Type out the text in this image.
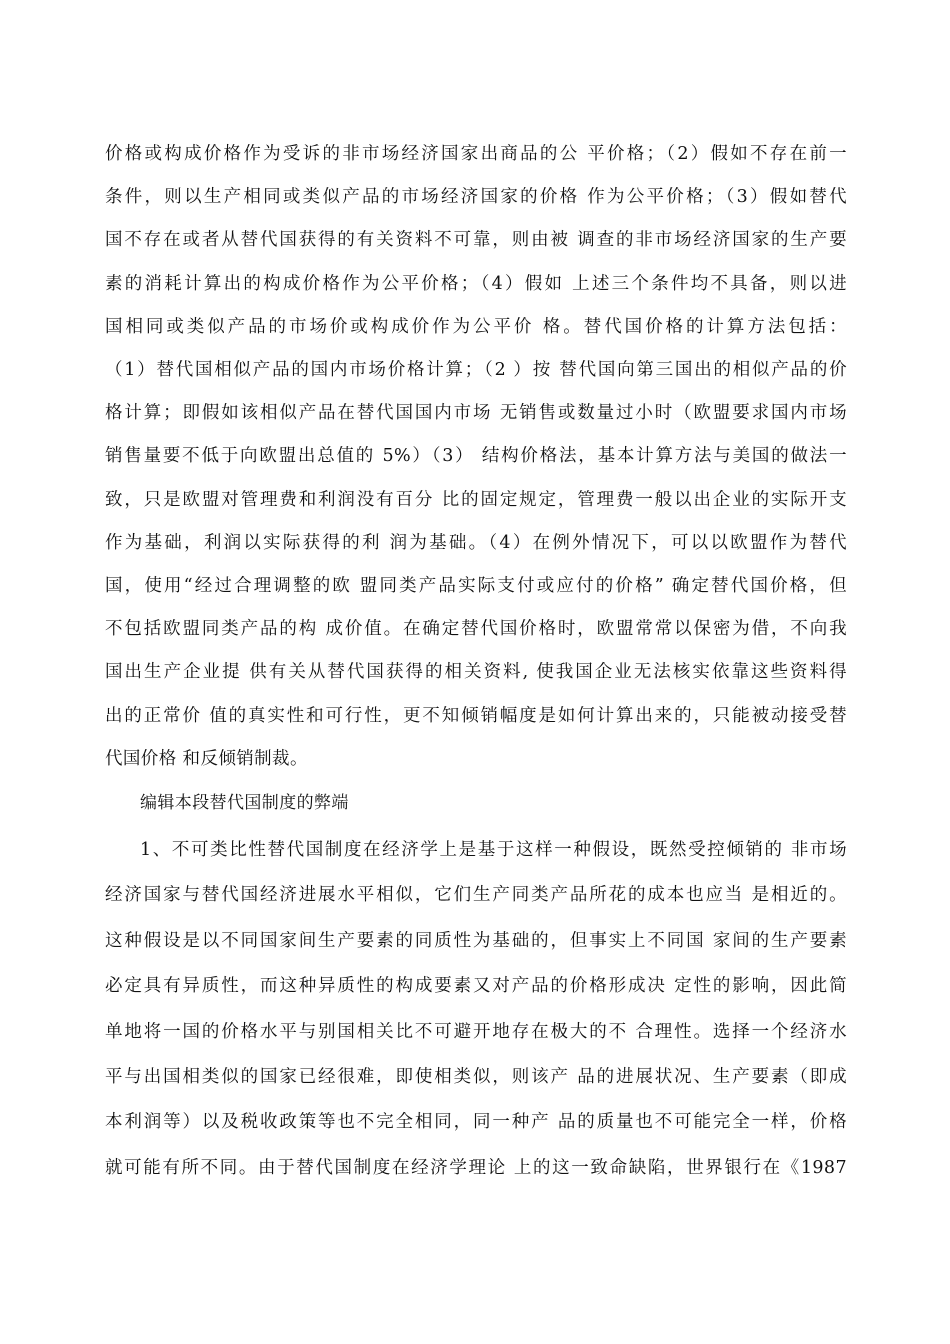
价格或构成价格作为受诉的非市场经济国家出商品的公 平价格；（2）假如不存在前一
条件，则以生产相同或类似产品的市场经济国家的价格 作为公平价格；（3）假如替代
国不存在或者从替代国获得的有关资料不可靠，则由被 调查的非市场经济国家的生产要
素的消耗计算出的构成价格作为公平价格；（4）假如 上述三个条件均不具备，则以进
国相同或类似产品的市场价或构成价作为公平价 格。替代国价格的计算方法包括：
（1）替代国相似产品的国内市场价格计算；（2 ）按 替代国向第三国出的相似产品的价
格计算；即假如该相似产品在替代国国内市场 无销售或数量过小时（欧盟要求国内市场
销售量要不低于向欧盟出总值的 5%）（3） 结构价格法，基本计算方法与美国的做法一
致，只是欧盟对管理费和利润没有百分 比的固定规定，管理费一般以出企业的实际开支
作为基础，利润以实际获得的利 润为基础。（4）在例外情况下，可以以欧盟作为替代
国，使用“经过合理调整的欧 盟同类产品实际支付或应付的价格” 确定替代国价格，但
不包括欧盟同类产品的构 成价值。在确定替代国价格时，欧盟常常以保密为借，不向我
国出生产企业提 供有关从替代国获得的相关资料, 使我国企业无法核实依靠这些资料得
出的正常价 值的真实性和可行性，更不知倾销幅度是如何计算出来的，只能被动接受替
代国价格 和反倾销制裁。
编辑本段替代国制度的弊端
1、不可类比性替代国制度在经济学上是基于这样一种假设，既然受控倾销的 非市场
经济国家与替代国经济进展水平相似，它们生产同类产品所花的成本也应当 是相近的。
这种假设是以不同国家间生产要素的同质性为基础的，但事实上不同国 家间的生产要素
必定具有异质性，而这种异质性的构成要素又对产品的价格形成决 定性的影响，因此简
单地将一国的价格水平与别国相关比不可避开地存在极大的不 合理性。选择一个经济水
平与出国相类似的国家已经很难，即使相类似，则该产 品的进展状况、生产要素（即成
本利润等）以及税收政策等也不完全相同，同一种产 品的质量也不可能完全一样，价格
就可能有所不同。由于替代国制度在经济学理论 上的这一致命缺陷，世界银行在《1987
